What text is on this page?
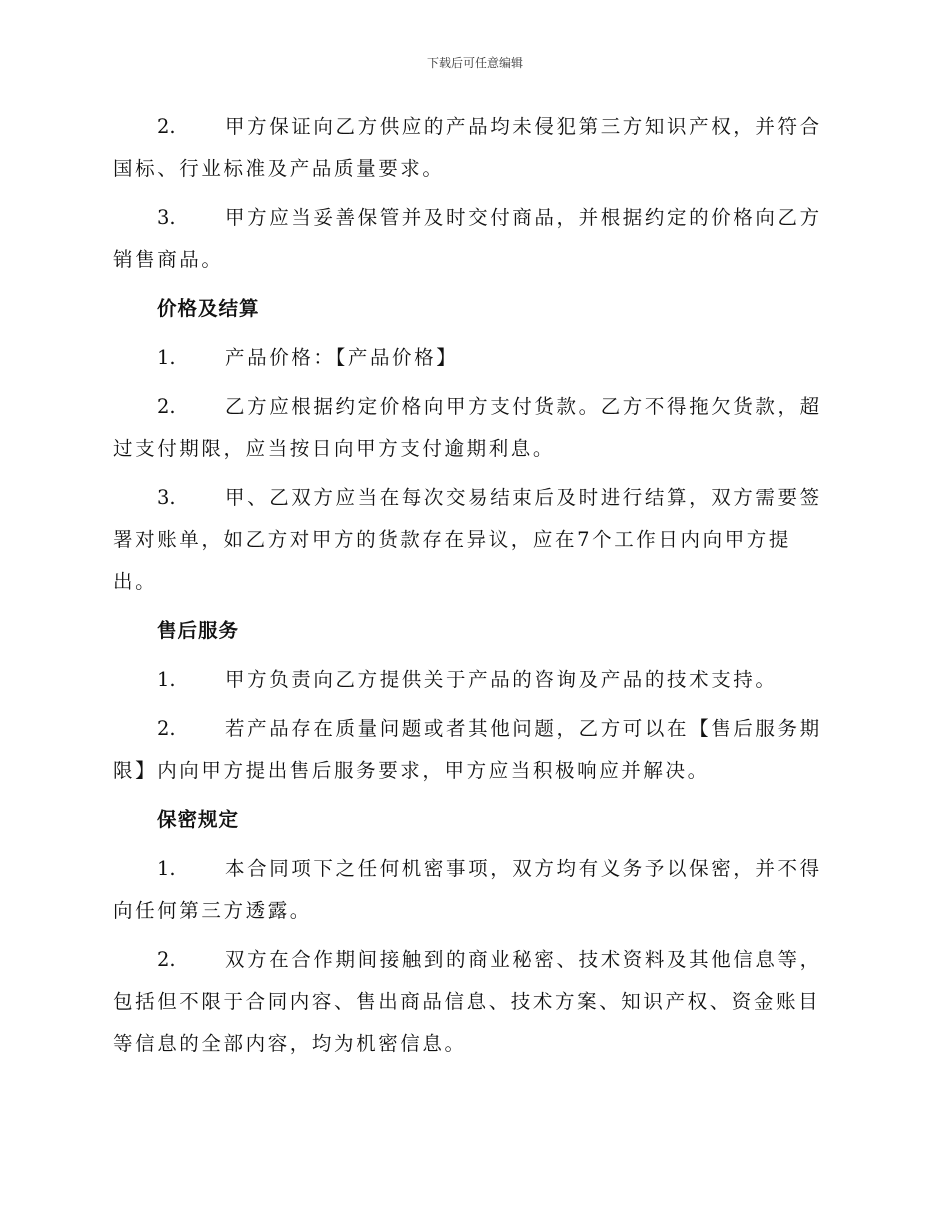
下载后可任意编辑

2.	甲方保证向乙方供应的产品均未侵犯第三方知识产权，并符合国标、行业标准及产品质量要求。

3.	甲方应当妥善保管并及时交付商品，并根据约定的价格向乙方销售商品。

价格及结算

1.	产品价格：【产品价格】

2.	乙方应根据约定价格向甲方支付货款。乙方不得拖欠货款，超过支付期限，应当按日向甲方支付逾期利息。

3.	甲、乙双方应当在每次交易结束后及时进行结算，双方需要签署对账单，如乙方对甲方的货款存在异议，应在7个工作日内向甲方提出。

售后服务

1.	甲方负责向乙方提供关于产品的咨询及产品的技术支持。

2.	若产品存在质量问题或者其他问题，乙方可以在【售后服务期限】内向甲方提出售后服务要求，甲方应当积极响应并解决。

保密规定

1.	本合同项下之任何机密事项，双方均有义务予以保密，并不得向任何第三方透露。

2.	双方在合作期间接触到的商业秘密、技术资料及其他信息等，包括但不限于合同内容、售出商品信息、技术方案、知识产权、资金账目等信息的全部内容，均为机密信息。
